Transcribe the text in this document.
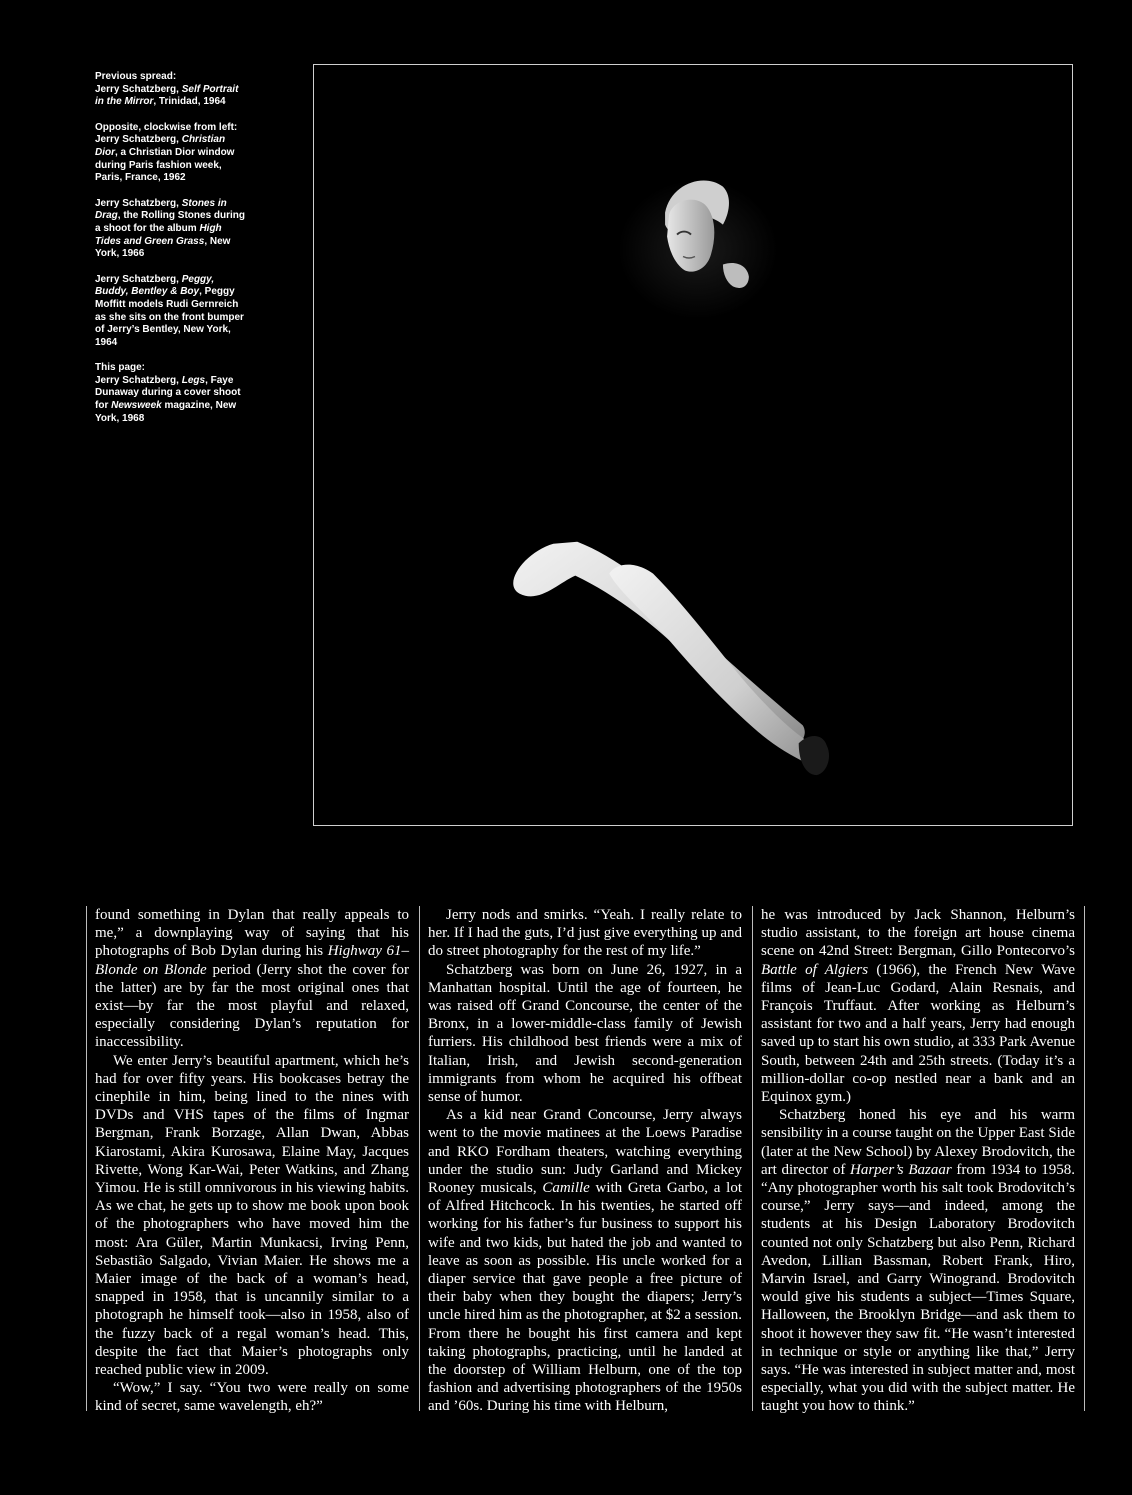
Previous spread:

Jerry Schatzberg, Self Portrait in the Mirror, Trinidad, 1964

Opposite, clockwise from left:

Jerry Schatzberg, Christian Dior, a Christian Dior window during Paris fashion week, Paris, France, 1962

Jerry Schatzberg, Stones in Drag, the Rolling Stones during a shoot for the album High Tides and Green Grass, New York, 1966

Jerry Schatzberg, Peggy, Buddy, Bentley & Boy, Peggy Moffitt models Rudi Gernreich as she sits on the front bumper of Jerry’s Bentley, New York, 1964

This page:

Jerry Schatzberg, Legs, Faye Dunaway during a cover shoot for Newsweek magazine, New York, 1968

found something in Dylan that really appeals to me,” a downplaying way of saying that his photographs of Bob Dylan during his Highway 61–Blonde on Blonde period (Jerry shot the cover for the latter) are by far the most original ones that exist—by far the most playful and relaxed, especially considering Dylan’s reputation for inaccessibility.

We enter Jerry’s beautiful apartment, which he’s had for over fifty years. His bookcases betray the cinephile in him, being lined to the nines with DVDs and VHS tapes of the films of Ingmar Bergman, Frank Borzage, Allan Dwan, Abbas Kiarostami, Akira Kurosawa, Elaine May, Jacques Rivette, Wong Kar-Wai, Peter Watkins, and Zhang Yimou. He is still omnivorous in his viewing habits. As we chat, he gets up to show me book upon book of the photographers who have moved him the most: Ara Güler, Martin Munkacsi, Irving Penn, Sebastião Salgado, Vivian Maier. He shows me a Maier image of the back of a woman’s head, snapped in 1958, that is uncannily similar to a photograph he himself took—also in 1958, also of the fuzzy back of a regal woman’s head. This, despite the fact that Maier’s photographs only reached public view in 2009.

“Wow,” I say. “You two were really on some kind of secret, same wavelength, eh?”

Jerry nods and smirks. “Yeah. I really relate to her. If I had the guts, I’d just give everything up and do street photography for the rest of my life.”

Schatzberg was born on June 26, 1927, in a Manhattan hospital. Until the age of fourteen, he was raised off Grand Concourse, the center of the Bronx, in a lower-middle-class family of Jewish furriers. His childhood best friends were a mix of Italian, Irish, and Jewish second-generation immigrants from whom he acquired his offbeat sense of humor.

As a kid near Grand Concourse, Jerry always went to the movie matinees at the Loews Paradise and RKO Fordham theaters, watching everything under the studio sun: Judy Garland and Mickey Rooney musicals, Camille with Greta Garbo, a lot of Alfred Hitchcock. In his twenties, he started off working for his father’s fur business to support his wife and two kids, but hated the job and wanted to leave as soon as possible. His uncle worked for a diaper service that gave people a free picture of their baby when they bought the diapers; Jerry’s uncle hired him as the photographer, at $2 a session. From there he bought his first camera and kept taking photographs, practicing, until he landed at the doorstep of William Helburn, one of the top fashion and advertising photographers of the 1950s and ’60s. During his time with Helburn,

he was introduced by Jack Shannon, Helburn’s studio assistant, to the foreign art house cinema scene on 42nd Street: Bergman, Gillo Pontecorvo’s Battle of Algiers (1966), the French New Wave films of Jean-Luc Godard, Alain Resnais, and François Truffaut. After working as Helburn’s assistant for two and a half years, Jerry had enough saved up to start his own studio, at 333 Park Avenue South, between 24th and 25th streets. (Today it’s a million-dollar co-op nestled near a bank and an Equinox gym.)

Schatzberg honed his eye and his warm sensibility in a course taught on the Upper East Side (later at the New School) by Alexey Brodovitch, the art director of Harper’s Bazaar from 1934 to 1958. “Any photographer worth his salt took Brodovitch’s course,” Jerry says—and indeed, among the students at his Design Laboratory Brodovitch counted not only Schatzberg but also Penn, Richard Avedon, Lillian Bassman, Robert Frank, Hiro, Marvin Israel, and Garry Winogrand. Brodovitch would give his students a subject—Times Square, Halloween, the Brooklyn Bridge—and ask them to shoot it however they saw fit. “He wasn’t interested in technique or style or anything like that,” Jerry says. “He was interested in subject matter and, most especially, what you did with the subject matter. He taught you how to think.”
